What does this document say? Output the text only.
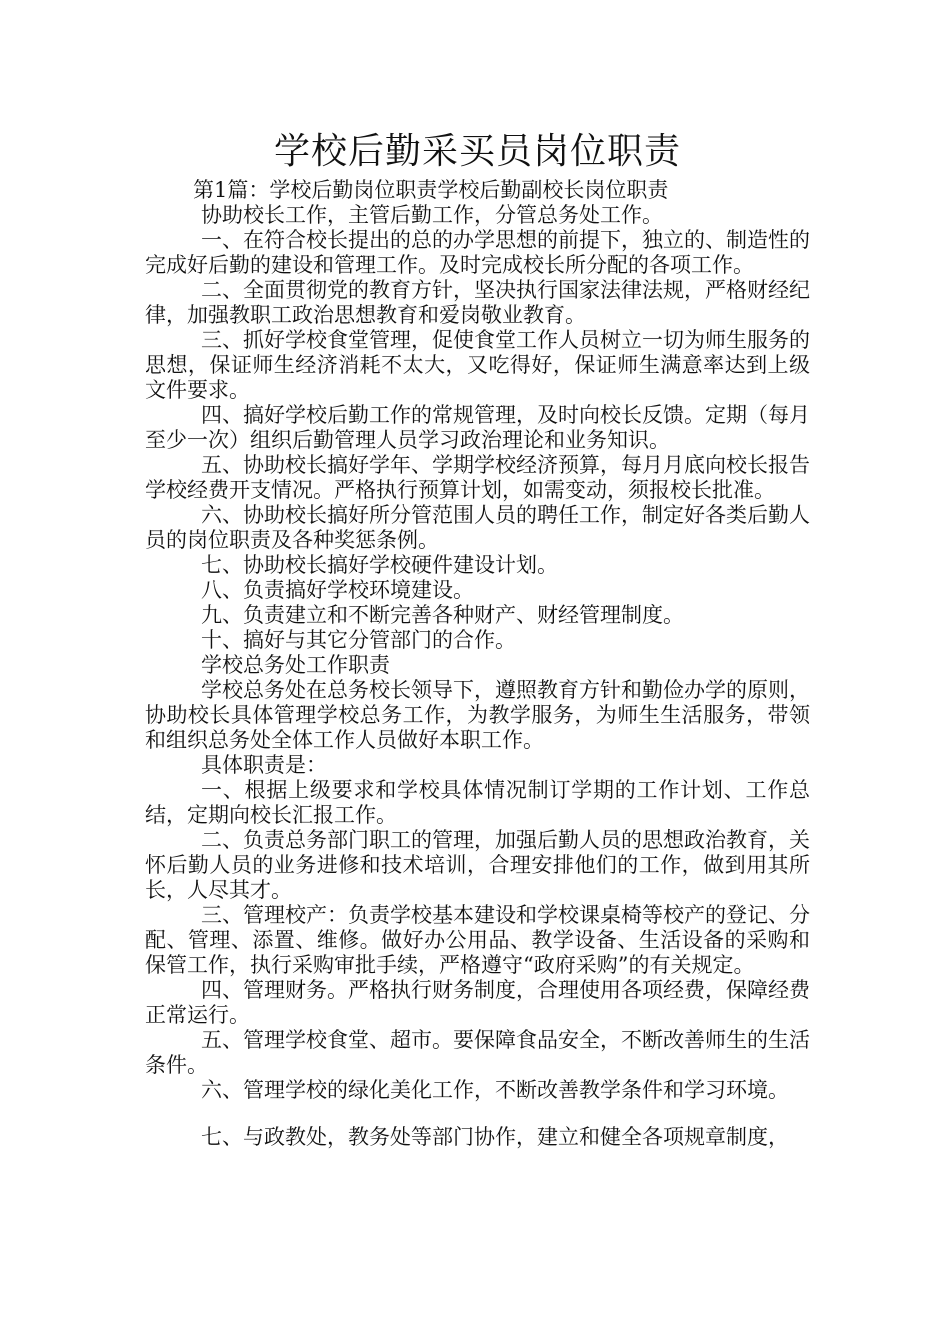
学校后勤采买员岗位职责
第1篇：学校后勤岗位职责学校后勤副校长岗位职责

协助校长工作，主管后勤工作，分管总务处工作。

一、在符合校长提出的总的办学思想的前提下，独立的、制造性的完成好后勤的建设和管理工作。及时完成校长所分配的各项工作。

二、全面贯彻党的教育方针，坚决执行国家法律法规，严格财经纪律，加强教职工政治思想教育和爱岗敬业教育。

三、抓好学校食堂管理，促使食堂工作人员树立一切为师生服务的思想，保证师生经济消耗不太大，又吃得好，保证师生满意率达到上级文件要求。

四、搞好学校后勤工作的常规管理，及时向校长反馈。定期（每月至少一次）组织后勤管理人员学习政治理论和业务知识。

五、协助校长搞好学年、学期学校经济预算，每月月底向校长报告学校经费开支情况。严格执行预算计划，如需变动，须报校长批准。

六、协助校长搞好所分管范围人员的聘任工作，制定好各类后勤人员的岗位职责及各种奖惩条例。

七、协助校长搞好学校硬件建设计划。

八、负责搞好学校环境建设。

九、负责建立和不断完善各种财产、财经管理制度。

十、搞好与其它分管部门的合作。

学校总务处工作职责

学校总务处在总务校长领导下，遵照教育方针和勤俭办学的原则，协助校长具体管理学校总务工作，为教学服务，为师生生活服务，带领和组织总务处全体工作人员做好本职工作。

具体职责是：

一、根据上级要求和学校具体情况制订学期的工作计划、工作总结，定期向校长汇报工作。

二、负责总务部门职工的管理，加强后勤人员的思想政治教育，关怀后勤人员的业务进修和技术培训，合理安排他们的工作，做到用其所长，人尽其才。

三、管理校产：负责学校基本建设和学校课桌椅等校产的登记、分配、管理、添置、维修。做好办公用品、教学设备、生活设备的采购和保管工作，执行采购审批手续，严格遵守“政府采购”的有关规定。

四、管理财务。严格执行财务制度，合理使用各项经费，保障经费正常运行。

五、管理学校食堂、超市。要保障食品安全，不断改善师生的生活条件。

六、管理学校的绿化美化工作，不断改善教学条件和学习环境。

七、与政教处，教务处等部门协作，建立和健全各项规章制度，
